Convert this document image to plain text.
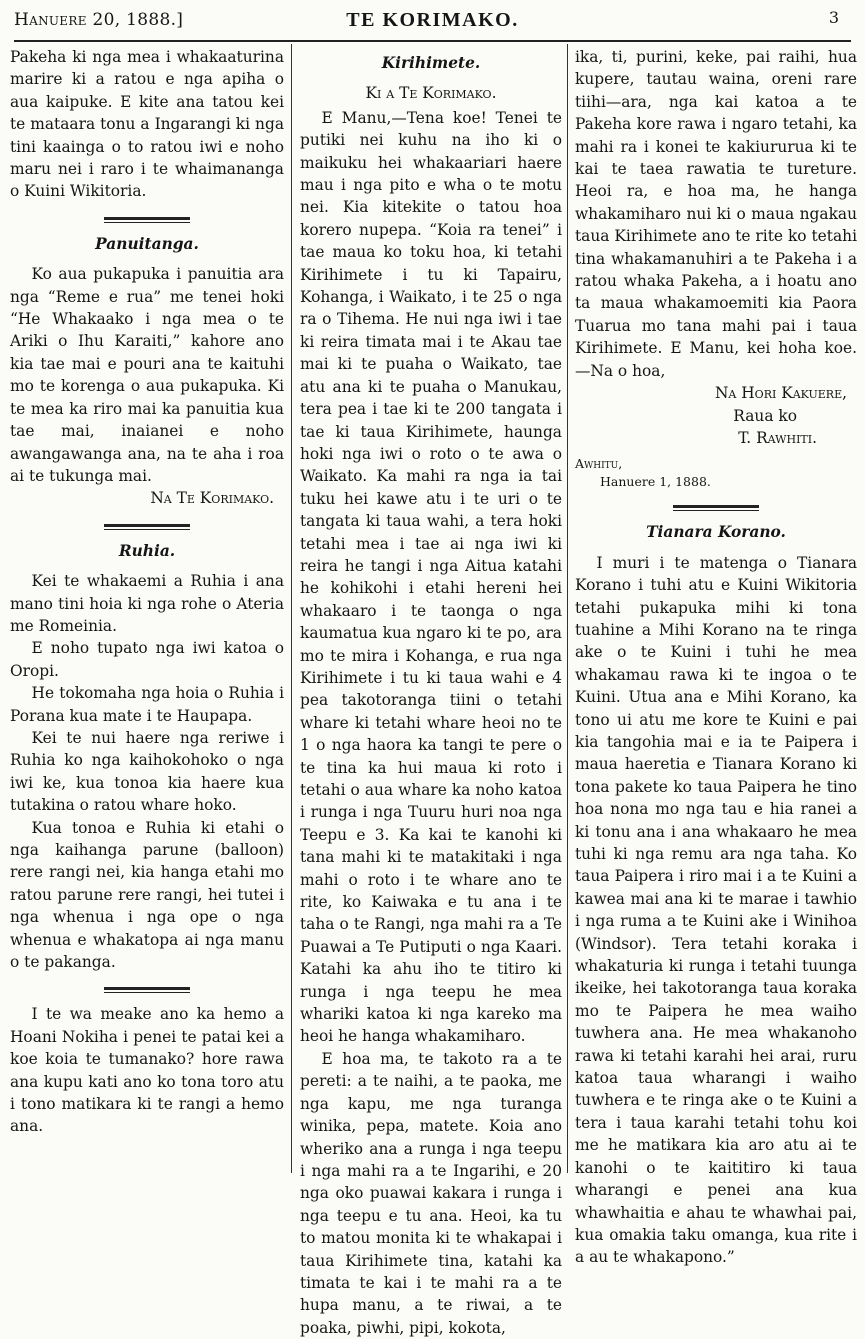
Hanuere 20, 1888.]	TE KORIMAKO.	3

Pakeha ki nga mea i whakaaturina marire ki a ratou e nga apiha o aua kaipuke. E kite ana tatou kei te mataara tonu a Ingarangi ki nga tini kaainga o to ratou iwi e noho maru nei i raro i te whaimananga o Kuini Wikitoria.

Panuitanga.

Ko aua pukapuka i panuitia ara nga “Reme e rua” me tenei hoki “He Whakaako i nga mea o te Ariki o Ihu Karaiti,” kahore ano kia tae mai e pouri ana te kaituhi mo te korenga o aua pukapuka. Ki te mea ka riro mai ka panuitia kua tae mai, inaianei e noho awangawanga ana, na te aha i roa ai te tukunga mai.

Na Te Korimako.
Ruhia.

Kei te whakaemi a Ruhia i ana mano tini hoia ki nga rohe o Ateria me Romeinia.

E noho tupato nga iwi katoa o Oropi.

He tokomaha nga hoia o Ruhia i Porana kua mate i te Haupapa.

Kei te nui haere nga reriwe i Ruhia ko nga kaihokohoko o nga iwi ke, kua tonoa kia haere kua tutakina o ratou whare hoko.

Kua tonoa e Ruhia ki etahi o nga kaihanga parune (balloon) rere rangi nei, kia hanga etahi mo ratou parune rere rangi, hei tutei i nga whenua i nga ope o nga whenua e whakatopa ai nga manu o te pakanga.

I te wa meake ano ka hemo a Hoani Nokiha i penei te patai kei a koe koia te tumanako? hore rawa ana kupu kati ano ko tona toro atu i tono matikara ki te rangi a hemo ana.

Kirihimete.
Ki a Te Korimako.

E Manu,—Tena koe! Tenei te putiki nei kuhu na iho ki o maikuku hei whakaariari haere mau i nga pito e wha o te motu nei. Kia kitekite o tatou hoa korero nupepa. “Koia ra tenei” i tae maua ko toku hoa, ki tetahi Kirihimete i tu ki Tapairu, Kohanga, i Waikato, i te 25 o nga ra o Tihema. He nui nga iwi i tae ki reira timata mai i te Akau tae mai ki te puaha o Waikato, tae atu ana ki te puaha o Manukau, tera pea i tae ki te 200 tangata i tae ki taua Kirihimete, haunga hoki nga iwi o roto o te awa o Waikato. Ka mahi ra nga ia tai tuku hei kawe atu i te uri o te tangata ki taua wahi, a tera hoki tetahi mea i tae ai nga iwi ki reira he tangi i nga Aitua katahi he kohikohi i etahi hereni hei whakaaro i te taonga o nga kaumatua kua ngaro ki te po, ara mo te mira i Kohanga, e rua nga Kirihimete i tu ki taua wahi e 4 pea takotoranga tiini o tetahi whare ki tetahi whare heoi no te 1 o nga haora ka tangi te pere o te tina ka hui maua ki roto i tetahi o aua whare ka noho katoa i runga i nga Tuuru huri noa nga Teepu e 3. Ka kai te kanohi ki tana mahi ki te matakitaki i nga mahi o roto i te whare ano te rite, ko Kaiwaka e tu ana i te taha o te Rangi, nga mahi ra a Te Puawai a Te Putiputi o nga Kaari. Katahi ka ahu iho te titiro ki runga i nga teepu he mea whariki katoa ki nga kareko ma heoi he hanga whakamiharo.

E hoa ma, te takoto ra a te pereti: a te naihi, a te paoka, me nga kapu, me nga turanga winika, pepa, matete. Koia ano wheriko ana a runga i nga teepu i nga mahi ra a te Ingarihi, e 20 nga oko puawai kakara i runga i nga teepu e tu ana. Heoi, ka tu to matou monita ki te whakapai i taua Kirihimete tina, katahi ka timata te kai i te mahi ra a te hupa manu, a te riwai, a te poaka, piwhi, pipi, kokota,

ika, ti, purini, keke, pai raihi, hua kupere, tautau waina, oreni rare tiihi—ara, nga kai katoa a te Pakeha kore rawa i ngaro tetahi, ka mahi ra i konei te kakiururua ki te kai te taea rawatia te tureture. Heoi ra, e hoa ma, he hanga whakamiharo nui ki o maua ngakau taua Kirihimete ano te rite ko tetahi tina whakamanuhiri a te Pakeha i a ratou whaka Pakeha, a i hoatu ano ta maua whakamoemiti kia Paora Tuarua mo tana mahi pai i taua Kirihimete. E Manu, kei hoha koe.—Na o hoa,

Na Hori Kakuere,
Raua ko
T. Rawhiti.
Awhitu,
Hanuere 1, 1888.
Tianara Korano.

I muri i te matenga o Tianara Korano i tuhi atu e Kuini Wikitoria tetahi pukapuka mihi ki tona tuahine a Mihi Korano na te ringa ake o te Kuini i tuhi he mea whakamau rawa ki te ingoa o te Kuini. Utua ana e Mihi Korano, ka tono ui atu me kore te Kuini e pai kia tangohia mai e ia te Paipera i maua haeretia e Tianara Korano ki tona pakete ko taua Paipera he tino hoa nona mo nga tau e hia ranei a ki tonu ana i ana whakaaro he mea tuhi ki nga remu ara nga taha. Ko taua Paipera i riro mai i a te Kuini a kawea mai ana ki te marae i tawhio i nga ruma a te Kuini ake i Winihoa (Windsor). Tera tetahi koraka i whakaturia ki runga i tetahi tuunga ikeike, hei takotoranga taua koraka mo te Paipera he mea waiho tuwhera ana. He mea whakanoho rawa ki tetahi karahi hei arai, ruru katoa taua wharangi i waiho tuwhera e te ringa ake o te Kuini a tera i taua karahi tetahi tohu koi me he matikara kia aro atu ai te kanohi o te kaititiro ki taua wharangi e penei ana kua whawhaitia e ahau te whawhai pai, kua omakia taku omanga, kua rite i a au te whakapono.”
